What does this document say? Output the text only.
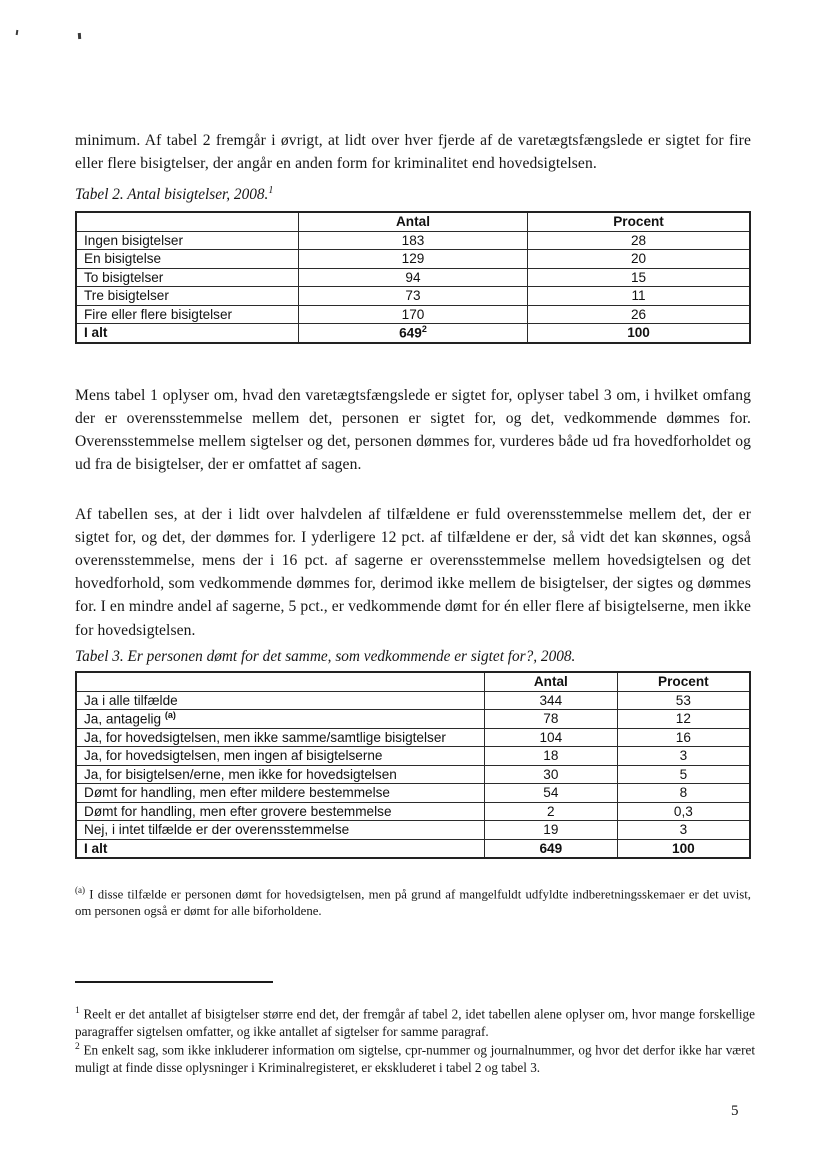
minimum. Af tabel 2 fremgår i øvrigt, at lidt over hver fjerde af de varetægtsfængslede er sigtet for fire eller flere bisigtelser, der angår en anden form for kriminalitet end hovedsigtelsen.

Tabel 2. Antal bisigtelser, 2008.$^1$
	Antal	Procent
Ingen bisigtelser	183	28
En bisigtelse	129	20
To bisigtelser	94	15
Tre bisigtelser	73	11
Fire eller flere bisigtelser	170	26
I alt	$649^2$	100

Mens tabel 1 oplyser om, hvad den varetægtsfængslede er sigtet for, oplyser tabel 3 om, i hvilket omfang der er overensstemmelse mellem det, personen er sigtet for, og det, vedkommende dømmes for. Overensstemmelse mellem sigtelser og det, personen dømmes for, vurderes både ud fra hovedforholdet og ud fra de bisigtelser, der er omfattet af sagen.

Af tabellen ses, at der i lidt over halvdelen af tilfældene er fuld overensstemmelse mellem det, der er sigtet for, og det, der dømmes for. I yderligere 12 pct. af tilfældene er der, så vidt det kan skønnes, også overensstemmelse, mens der i 16 pct. af sagerne er overensstemmelse mellem hovedsigtelsen og det hovedforhold, som vedkommende dømmes for, derimod ikke mellem de bisigtelser, der sigtes og dømmes for. I en mindre andel af sagerne, 5 pct., er vedkommende dømt for én eller flere af bisigtelserne, men ikke for hovedsigtelsen.

Tabel 3. Er personen dømt for det samme, som vedkommende er sigtet for?, 2008.
	Antal	Procent
Ja i alle tilfælde	344	53
Ja, antagelig $^{(a)}$	78	12
Ja, for hovedsigtelsen, men ikke samme/samtlige bisigtelser	104	16
Ja, for hovedsigtelsen, men ingen af bisigtelserne	18	3
Ja, for bisigtelsen/erne, men ikke for hovedsigtelsen	30	5
Dømt for handling, men efter mildere bestemmelse	54	8
Dømt for handling, men efter grovere bestemmelse	2	0,3
Nej, i intet tilfælde er der overensstemmelse	19	3
I alt	649	100

$^{(a)}$ I disse tilfælde er personen dømt for hovedsigtelsen, men på grund af mangelfuldt udfyldte indberetningsskemaer er det uvist, om personen også er dømt for alle biforholdene.

$^1$ Reelt er det antallet af bisigtelser større end det, der fremgår af tabel 2, idet tabellen alene oplyser om, hvor mange forskellige paragraffer sigtelsen omfatter, og ikke antallet af sigtelser for samme paragraf.

$^2$ En enkelt sag, som ikke inkluderer information om sigtelse, cpr-nummer og journalnummer, og hvor det derfor ikke har været muligt at finde disse oplysninger i Kriminalregisteret, er ekskluderet i tabel 2 og tabel 3.

5
